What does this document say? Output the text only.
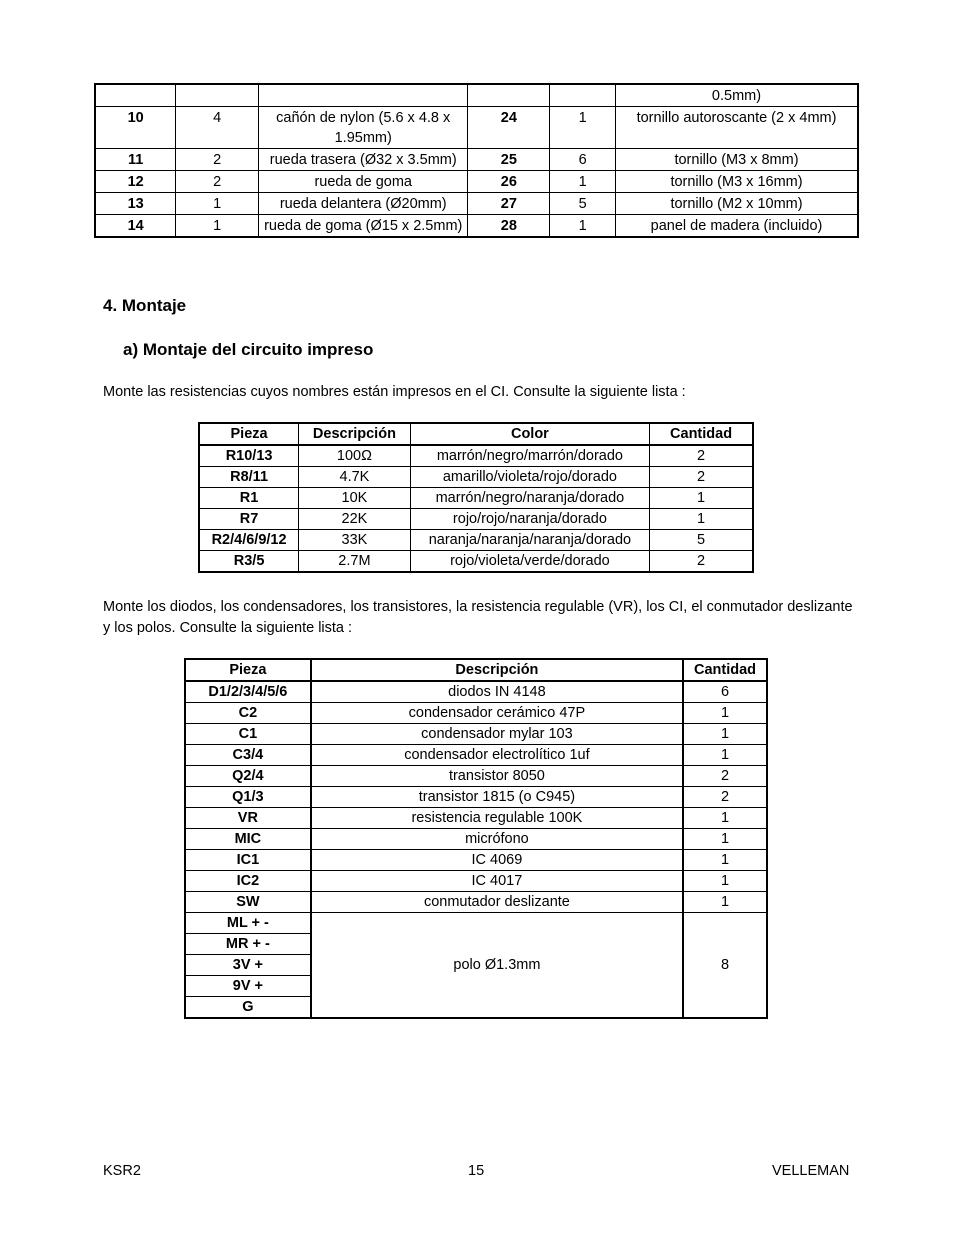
					0.5mm)
10	4	cañón de nylon (5.6 x 4.8 x 1.95mm)	24	1	tornillo autoroscante (2 x 4mm)
11	2	rueda trasera (Ø32 x 3.5mm)	25	6	tornillo (M3 x 8mm)
12	2	rueda de goma	26	1	tornillo (M3 x 16mm)
13	1	rueda delantera (Ø20mm)	27	5	tornillo (M2 x 10mm)
14	1	rueda de goma (Ø15 x 2.5mm)	28	1	panel de madera (incluido)
4. Montaje
a) Montaje del circuito impreso
Monte las resistencias cuyos nombres están impresos en el CI. Consulte la siguiente lista :
Pieza	Descripción	Color	Cantidad
R10/13	100Ω	marrón/negro/marrón/dorado	2
R8/11	4.7K	amarillo/violeta/rojo/dorado	2
R1	10K	marrón/negro/naranja/dorado	1
R7	22K	rojo/rojo/naranja/dorado	1
R2/4/6/9/12	33K	naranja/naranja/naranja/dorado	5
R3/5	2.7M	rojo/violeta/verde/dorado	2
Monte los diodos, los condensadores, los transistores, la resistencia regulable (VR), los CI, el conmutador deslizante y los polos. Consulte la siguiente lista :
Pieza	Descripción	Cantidad
D1/2/3/4/5/6	diodos IN 4148	6
C2	condensador cerámico 47P	1
C1	condensador mylar 103	1
C3/4	condensador electrolítico 1uf	1
Q2/4	transistor 8050	2
Q1/3	transistor 1815 (o C945)	2
VR	resistencia regulable 100K	1
MIC	micrófono	1
IC1	IC 4069	1
IC2	IC 4017	1
SW	conmutador deslizante	1
ML + -	polo Ø1.3mm	8
MR + -		
3V +		
9V +		
G		
KSR2	15	VELLEMAN
